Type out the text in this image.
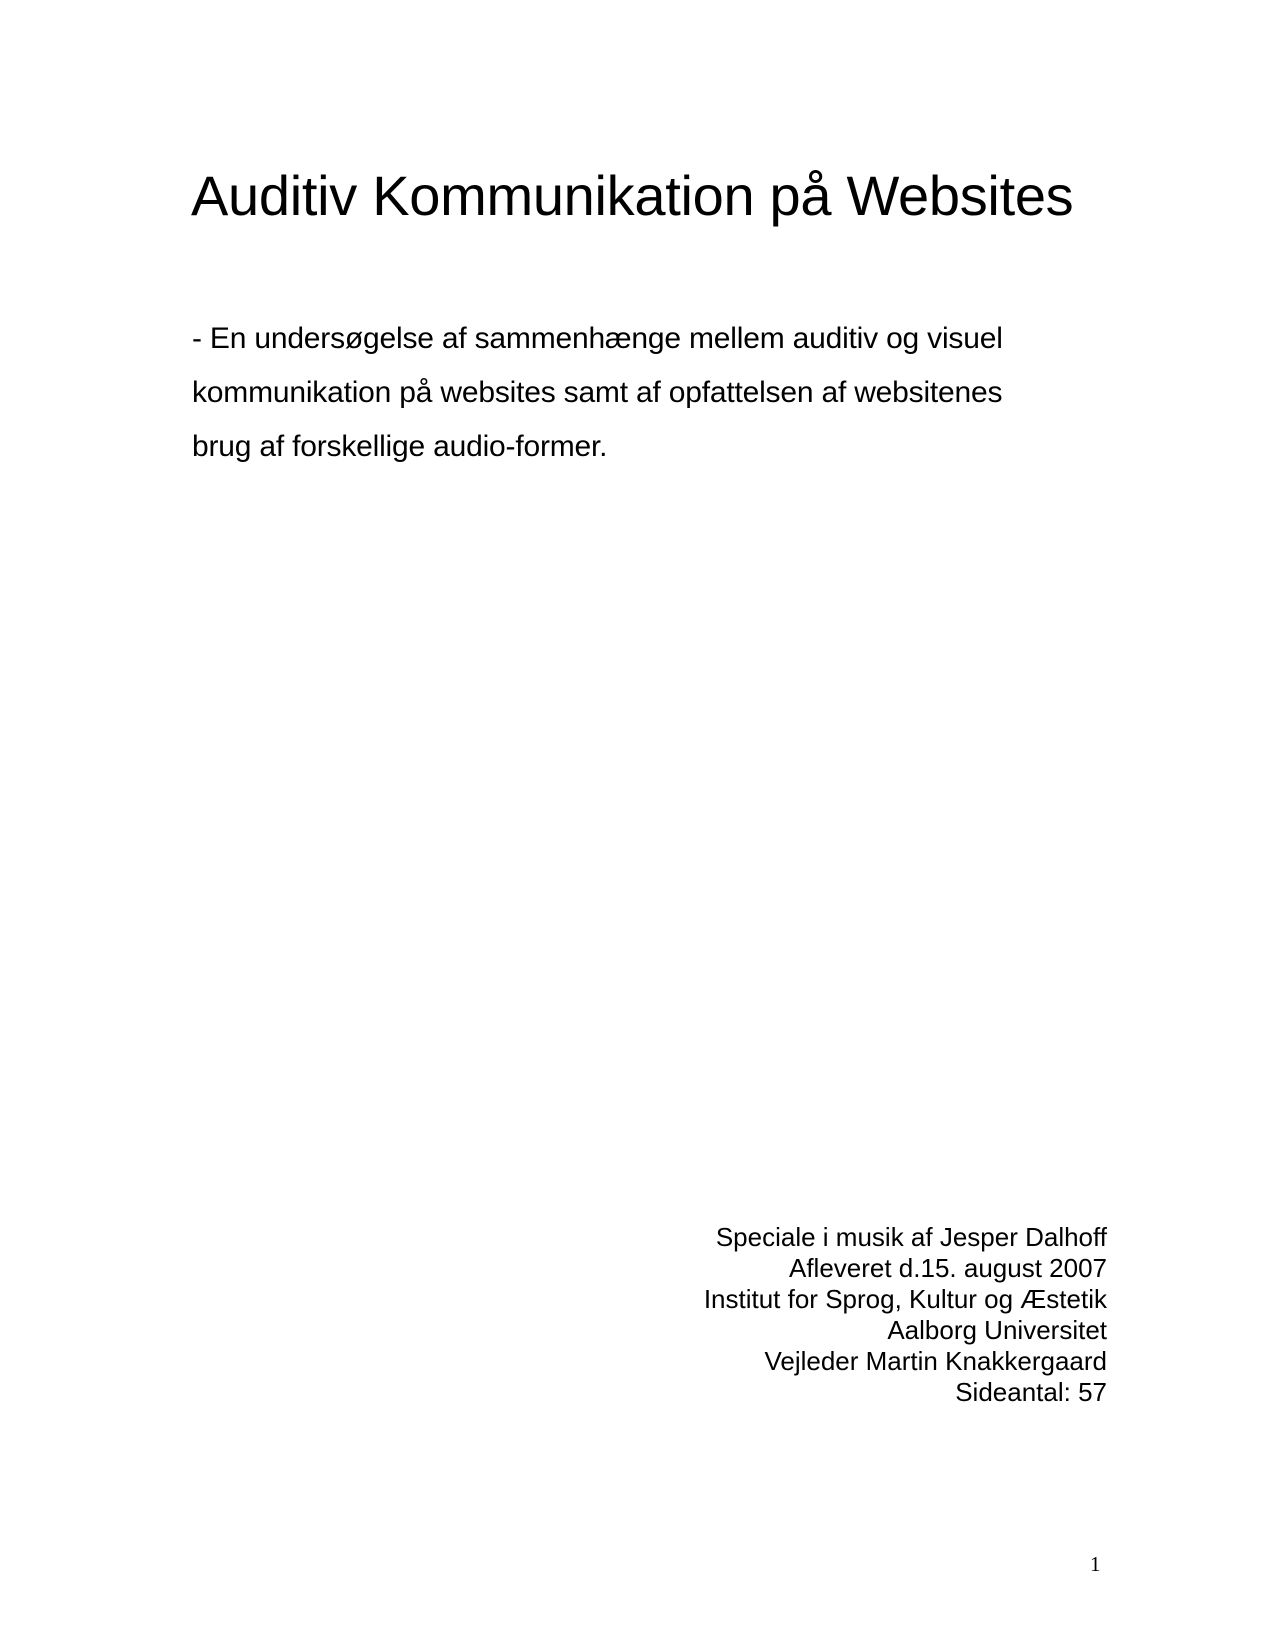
Auditiv Kommunikation på Websites
- En undersøgelse af sammenhænge mellem auditiv og visuel
kommunikation på websites samt af opfattelsen af websitenes
brug af forskellige audio-former.
Speciale i musik af Jesper Dalhoff
Afleveret d.15. august 2007
Institut for Sprog, Kultur og Æstetik
Aalborg Universitet
Vejleder Martin Knakkergaard
Sideantal: 57
1
